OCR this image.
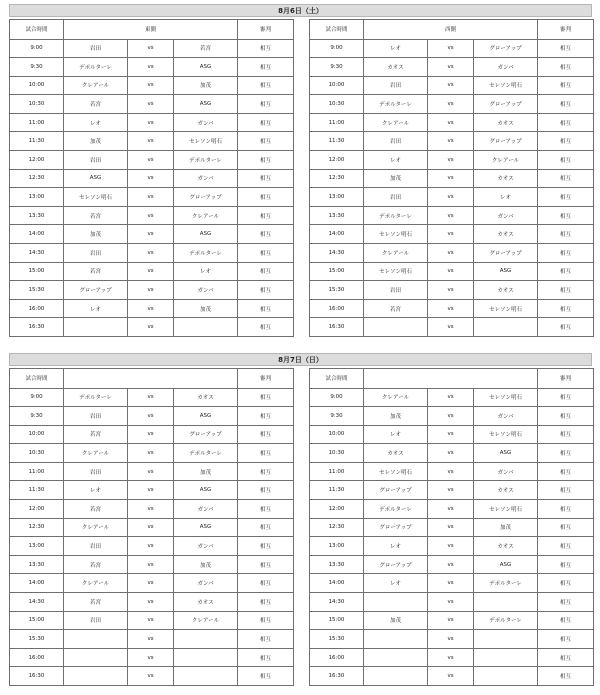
8月6日（土）
試合時間	東側			審判
9:00	岩田	vs	若宮	相互
9:30	デポルターレ	vs	ASG	相互
10:00	クレアール	vs	加茂	相互
10:30	若宮	vs	ASG	相互
11:00	レオ	vs	ガンバ	相互
11:30	加茂	vs	セレソン明石	相互
12:00	岩田	vs	デポルターレ	相互
12:30	ASG	vs	ガンバ	相互
13:00	セレソン明石	vs	グローアップ	相互
13:30	若宮	vs	クレアール	相互
14:00	加茂	vs	ASG	相互
14:30	岩田	vs	デポルターレ	相互
15:00	若宮	vs	レオ	相互
15:30	グローアップ	vs	ガンバ	相互
16:00	レオ	vs	加茂	相互
16:30		vs		相互
試合時間	西側			審判
9:00	レオ	vs	グローアップ	相互
9:30	カオス	vs	ガンバ	相互
10:00	岩田	vs	セレソン明石	相互
10:30	デポルターレ	vs	グローアップ	相互
11:00	クレアール	vs	カオス	相互
11:30	岩田	vs	グローアップ	相互
12:00	レオ	vs	クレアール	相互
12:30	加茂	vs	カオス	相互
13:00	岩田	vs	レオ	相互
13:30	デポルターレ	vs	ガンバ	相互
14:00	セレソン明石	vs	カオス	相互
14:30	クレアール	vs	グローアップ	相互
15:00	セレソン明石	vs	ASG	相互
15:30	岩田	vs	カオス	相互
16:00	若宮	vs	セレソン明石	相互
16:30		vs		相互
8月7日（日）
試合時間				審判
9:00	デポルターレ	vs	カオス	相互
9:30	岩田	vs	ASG	相互
10:00	若宮	vs	グローアップ	相互
10:30	クレアール	vs	デポルターレ	相互
11:00	岩田	vs	加茂	相互
11:30	レオ	vs	ASG	相互
12:00	若宮	vs	ガンバ	相互
12:30	クレアール	vs	ASG	相互
13:00	岩田	vs	ガンバ	相互
13:30	若宮	vs	加茂	相互
14:00	クレアール	vs	ガンバ	相互
14:30	若宮	vs	カオス	相互
15:00	岩田	vs	クレアール	相互
15:30		vs		相互
16:00		vs		相互
16:30		vs		相互
試合時間				審判
9:00	クレアール	vs	セレソン明石	相互
9:30	加茂	vs	ガンバ	相互
10:00	レオ	vs	セレソン明石	相互
10:30	カオス	vs	ASG	相互
11:00	セレソン明石	vs	ガンバ	相互
11:30	グローアップ	vs	カオス	相互
12:00	デポルターレ	vs	セレソン明石	相互
12:30	グローアップ	vs	加茂	相互
13:00	レオ	vs	カオス	相互
13:30	グローアップ	vs	ASG	相互
14:00	レオ	vs	デポルターレ	相互
14:30		vs		相互
15:00	加茂	vs	デポルターレ	相互
15:30		vs		相互
16:00		vs		相互
16:30		vs		相互
